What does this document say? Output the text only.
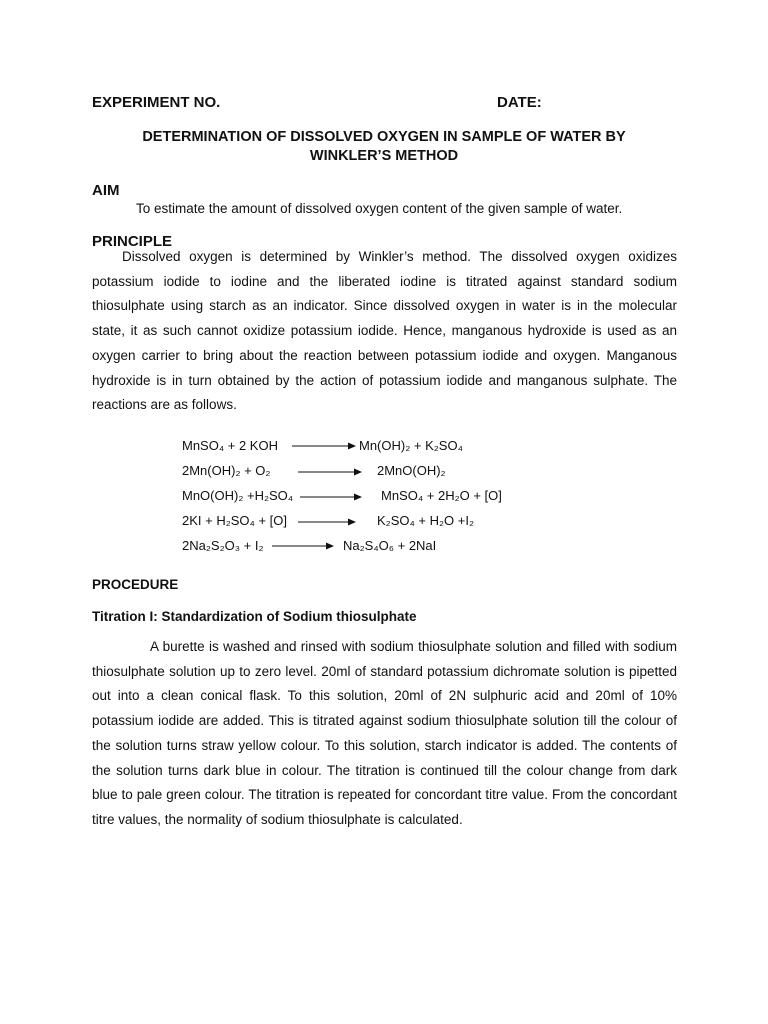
EXPERIMENT NO.	DATE:
DETERMINATION OF DISSOLVED OXYGEN IN SAMPLE OF WATER BY
WINKLER’S METHOD
AIM
To estimate the amount of dissolved oxygen content of the given sample of water.
PRINCIPLE

Dissolved oxygen is determined by Winkler’s method. The dissolved oxygen oxidizes potassium iodide to iodine and the liberated iodine is titrated against standard sodium thiosulphate using starch as an indicator. Since dissolved oxygen in water is in the molecular state, it as such cannot oxidize potassium iodide. Hence, manganous hydroxide is used as an oxygen carrier to bring about the reaction between potassium iodide and oxygen. Manganous hydroxide is in turn obtained by the action of potassium iodide and manganous sulphate. The reactions are as follows.

MnSO₄ + 2 KOH → Mn(OH)₂ + K₂SO₄
2Mn(OH)₂ + O₂ → 2MnO(OH)₂
MnO(OH)₂ +H₂SO₄ → MnSO₄ + 2H₂O + [O]
2KI + H₂SO₄ + [O] → K₂SO₄ + H₂O +I₂
2Na₂S₂O₃ + I₂ → Na₂S₄O₆ + 2NaI
PROCEDURE
Titration I: Standardization of Sodium thiosulphate

A burette is washed and rinsed with sodium thiosulphate solution and filled with sodium thiosulphate solution up to zero level. 20ml of standard potassium dichromate solution is pipetted out into a clean conical flask. To this solution, 20ml of 2N sulphuric acid and 20ml of 10% potassium iodide are added. This is titrated against sodium thiosulphate solution till the colour of the solution turns straw yellow colour. To this solution, starch indicator is added. The contents of the solution turns dark blue in colour. The titration is continued till the colour change from dark blue to pale green colour. The titration is repeated for concordant titre value. From the concordant titre values, the normality of sodium thiosulphate is calculated.
